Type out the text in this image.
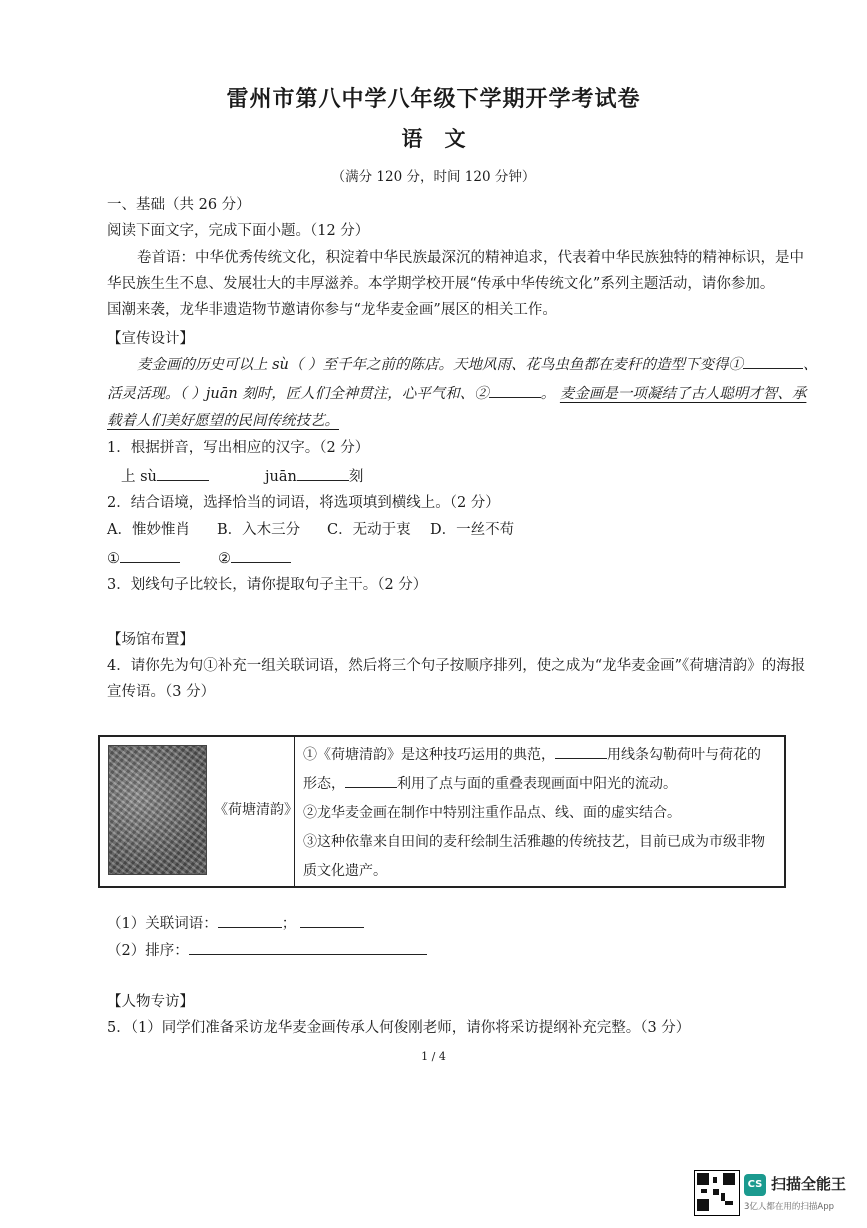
雷州市第八中学八年级下学期开学考试卷
语文
（满分 120 分，时间 120 分钟）
一、基础（共 26 分）
阅读下面文字，完成下面小题。（12 分）
卷首语：中华优秀传统文化，积淀着中华民族最深沉的精神追求，代表着中华民族独特的精神标识，是中
华民族生生不息、发展壮大的丰厚滋养。本学期学校开展“传承中华传统文化”系列主题活动，请你参加。
国潮来袭，龙华非遗造物节邀请你参与“龙华麦金画”展区的相关工作。
【宣传设计】
麦金画的历史可以上 sù（ ）至千年之前的陈店。天地风雨、花鸟虫鱼都在麦秆的造型下变得①	、
活灵活现。（ ）juān 刻时，匠人们全神贯注，心平气和、②	。 麦金画是一项凝结了古人聪明才智、承
载着人们美好愿望的民间传统技艺。
1．根据拼音，写出相应的汉字。（2 分）
上 sù	juān	刻
2．结合语境，选择恰当的词语，将选项填到横线上。（2 分）
A．惟妙惟肖 B．入木三分 C．无动于衷 D．一丝不苟
①	②
3．划线句子比较长，请你提取句子主干。（2 分）
【场馆布置】
4．请你先为句①补充一组关联词语，然后将三个句子按顺序排列，使之成为“龙华麦金画”《荷塘清韵》的海报
宣传语。（3 分）
《荷塘清韵》

①《荷塘清韵》是这种技巧运用的典范，	用线条勾勒荷叶与荷花的
形态，	利用了点与面的重叠表现画面中阳光的流动。
②龙华麦金画在制作中特别注重作品点、线、面的虚实结合。
③这种依靠来自田间的麦秆绘制生活雅趣的传统技艺，目前已成为市级非物
质文化遗产。
（1）关联词语：	；
（2）排序：
【人物专访】
5．（1）同学们准备采访龙华麦金画传承人何俊刚老师，请你将采访提纲补充完整。（3 分）
1 / 4
CS 扫描全能王
3亿人都在用的扫描App
